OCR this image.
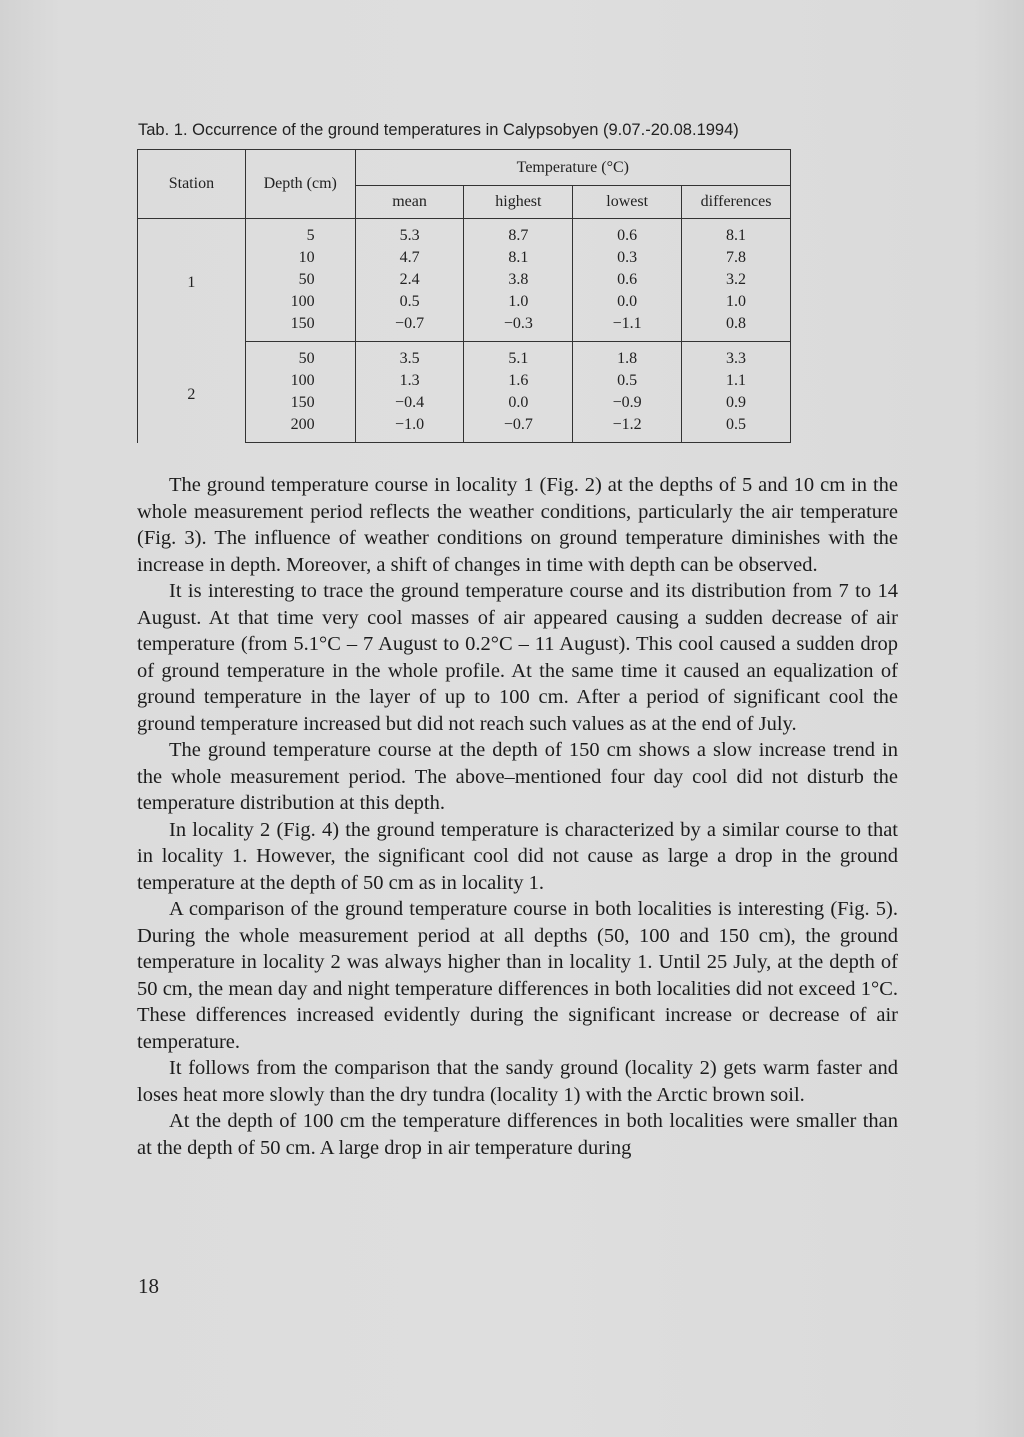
Tab. 1. Occurrence of the ground temperatures in Calypsobyen (9.07.-20.08.1994)
Station	Depth (cm)	Temperature (°C)			
		mean	highest	lowest	differences
1	5	5.3	8.7	0.6	8.1
	10	4.7	8.1	0.3	7.8
	50	2.4	3.8	0.6	3.2
	100	0.5	1.0	0.0	1.0
	150	−0.7	−0.3	−1.1	0.8
2	50	3.5	5.1	1.8	3.3
	100	1.3	1.6	0.5	1.1
	150	−0.4	0.0	−0.9	0.9
	200	−1.0	−0.7	−1.2	0.5

The ground temperature course in locality 1 (Fig. 2) at the depths of 5 and 10 cm in the whole measurement period reflects the weather conditions, particularly the air temperature (Fig. 3). The influence of weather conditions on ground temperature diminishes with the increase in depth. Moreover, a shift of changes in time with depth can be observed.

It is interesting to trace the ground temperature course and its distribution from 7 to 14 August. At that time very cool masses of air appeared causing a sudden decrease of air temperature (from 5.1°C – 7 August to 0.2°C – 11 August). This cool caused a sudden drop of ground temperature in the whole profile. At the same time it caused an equalization of ground temperature in the layer of up to 100 cm. After a period of significant cool the ground temperature increased but did not reach such values as at the end of July.

The ground temperature course at the depth of 150 cm shows a slow increase trend in the whole measurement period. The above–mentioned four day cool did not disturb the temperature distribution at this depth.

In locality 2 (Fig. 4) the ground temperature is characterized by a similar course to that in locality 1. However, the significant cool did not cause as large a drop in the ground temperature at the depth of 50 cm as in locality 1.

A comparison of the ground temperature course in both localities is interesting (Fig. 5). During the whole measurement period at all depths (50, 100 and 150 cm), the ground temperature in locality 2 was always higher than in locality 1. Until 25 July, at the depth of 50 cm, the mean day and night temperature differences in both localities did not exceed 1°C. These differences increased evidently during the significant increase or decrease of air temperature.

It follows from the comparison that the sandy ground (locality 2) gets warm faster and loses heat more slowly than the dry tundra (locality 1) with the Arctic brown soil.

At the depth of 100 cm the temperature differences in both localities were smaller than at the depth of 50 cm. A large drop in air temperature during

18
